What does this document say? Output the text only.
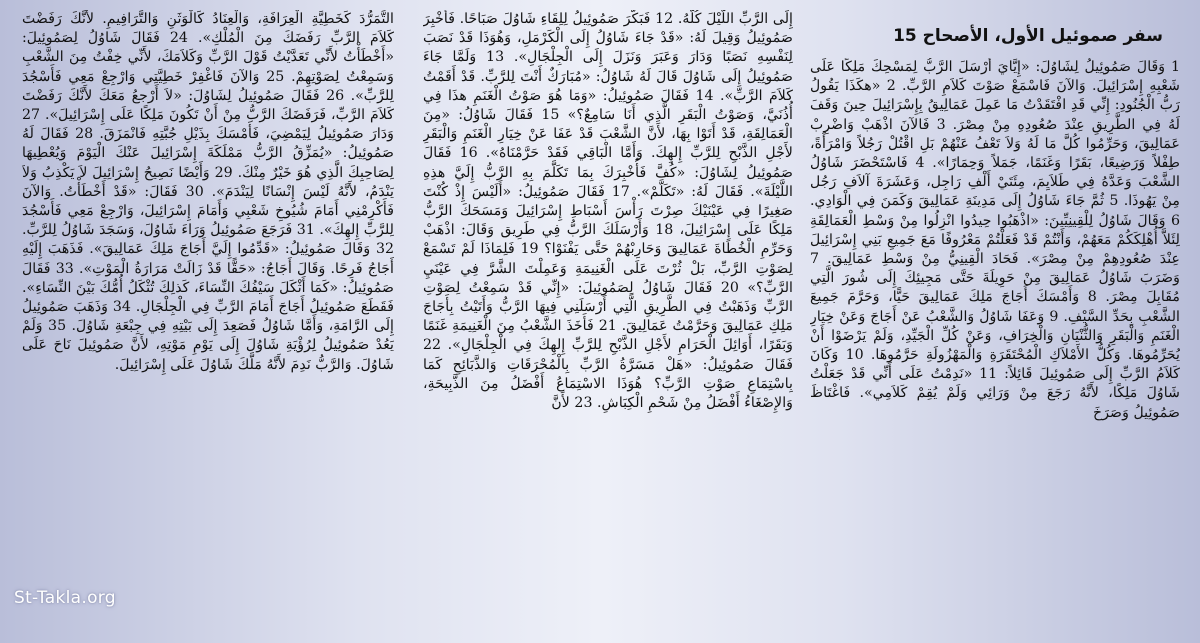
سفر صموئيل الأول، الأصحاح 15
1 وَقَالَ صَمُوئِيلُ لِشَاوُلَ: «إِيَّايَ أَرْسَلَ الرَّبُّ لِمَسْحِكَ مَلِكًا عَلَى شَعْبِهِ إِسْرَائِيلَ. وَالآنَ فَاسْمَعْ صَوْتَ كَلاَمِ الرَّبِّ. 2 «هكَذَا يَقُولُ رَبُّ الْجُنُودِ: إِنِّي قَدِ افْتَقَدْتُ مَا عَمِلَ عَمَالِيقُ بِإِسْرَائِيلَ حِينَ وَقَفَ لَهُ فِي الطَّرِيقِ عِنْدَ صُعُودِهِ مِنْ مِصْرَ. 3 فَالآنَ اذْهَبْ وَاضْرِبْ عَمَالِيقَ، وَحَرِّمُوا كُلَّ مَا لَهُ وَلاَ تَعْفُ عَنْهُمْ بَلِ اقْتُلْ رَجُلاً وَامْرَأَةً، طِفْلاً وَرَضِيعًا، بَقَرًا وَغَنَمًا، جَمَلاً وَحِمَارًا». 4 فَاسْتَحْضَرَ شَاوُلُ الشَّعْبَ وَعَدَّهُ فِي طَلاَيِمَ، مِئَتَيْ أَلْفِ رَاجِل، وَعَشَرَةَ آلاَفِ رَجُل مِنْ يَهُوذَا. 5 ثُمَّ جَاءَ شَاوُلُ إِلَى مَدِينَةِ عَمَالِيقَ وَكَمَنَ فِي الْوَادِي. 6 وَقَالَ شَاوُلُ لِلْقِينِيِّينَ: «اذْهَبُوا حِيدُوا انْزِلُوا مِنْ وَسْطِ الْعَمَالِقَةِ لِئَلاَّ أُهْلِكَكُمْ مَعَهُمْ، وَأَنْتُمْ قَدْ فَعَلْتُمْ مَعْرُوفًا مَعَ جَمِيعِ بَنِي إِسْرَائِيلَ عِنْدَ صُعُودِهِمْ مِنْ مِصْرَ». فَحَادَ الْقِينِيُّ مِنْ وَسْطِ عَمَالِيقَ. 7 وَضَرَبَ شَاوُلُ عَمَالِيقَ مِنْ حَوِيلَةَ حَتَّى مَجِيئِكَ إِلَى شُورَ الَّتِي مُقَابِلَ مِصْرَ. 8 وَأَمْسَكَ أَجَاجَ مَلِكَ عَمَالِيقَ حَيًّا، وَحَرَّمَ جَمِيعَ الشَّعْبِ بِحَدِّ السَّيْفِ. 9 وَعَفَا شَاوُلُ وَالشَّعْبُ عَنْ أَجَاجَ وَعَنْ خِيَارِ الْغَنَمِ وَالْبَقَرِ وَالثُّنْيَانِ وَالْخِرَافِ، وَعَنْ كُلِّ الْجَيِّدِ، وَلَمْ يَرْضَوْا أَنْ يُحَرِّمُوهَا. وَكُلُّ الأَمْلاَكِ الْمُحْتَقَرَةِ وَالْمَهْزُولَةِ حَرَّمُوهَا. 10 وَكَانَ كَلاَمُ الرَّبِّ إِلَى صَمُوئِيلَ قَائِلاً: 11 «نَدِمْتُ عَلَى أَنِّي قَدْ جَعَلْتُ شَاوُلَ مَلِكًا، لأَنَّهُ رَجَعَ مِنْ وَرَائِي وَلَمْ يُقِمْ كَلاَمِي». فَاغْتَاظَ صَمُوئِيلُ وَصَرَخَ
إِلَى الرَّبِّ اللَّيْلَ كُلَّهُ. 12 فَبَكَّرَ صَمُوئِيلُ لِلِقَاءِ شَاوُلَ صَبَاحًا. فَأُخْبِرَ صَمُوئِيلُ وَقِيلَ لَهُ: «قَدْ جَاءَ شَاوُلُ إِلَى الْكَرْمَلِ، وَهُوَذَا قَدْ نَصَبَ لِنَفْسِهِ نَصَبًا وَدَارَ وَعَبَرَ وَنَزَلَ إِلَى الْجِلْجَالِ». 13 وَلَمَّا جَاءَ صَمُوئِيلُ إِلَى شَاوُلَ قَالَ لَهُ شَاوُلُ: «مُبَارَكٌ أَنْتَ لِلرَّبِّ. قَدْ أَقَمْتُ كَلاَمَ الرَّبِّ». 14 فَقَالَ صَمُوئِيلُ: «وَمَا هُوَ صَوْتُ الْغَنَمِ هذَا فِي أُذُنَيَّ، وَصَوْتُ الْبَقَرِ الَّذِي أَنَا سَامِعٌ؟» 15 فَقَالَ شَاوُلُ: «مِنَ الْعَمَالِقَةِ، قَدْ أَتَوْا بِهَا، لأَنَّ الشَّعْبَ قَدْ عَفَا عَنْ خِيَارِ الْغَنَمِ وَالْبَقَرِ لأَجْلِ الذَّبْحِ لِلرَّبِّ إِلهِكَ. وَأَمَّا الْبَاقِي فَقَدْ حَرَّمْنَاهُ». 16 فَقَالَ صَمُوئِيلُ لِشَاوُلَ: «كُفَّ فَأُخْبِرَكَ بِمَا تَكَلَّمَ بِهِ الرَّبُّ إِلَيَّ هذِهِ اللَّيْلَةَ». فَقَالَ لَهُ: «تَكَلَّمْ». 17 فَقَالَ صَمُوئِيلُ: «أَلَيْسَ إِذْ كُنْتَ صَغِيرًا فِي عَيْنَيْكَ صِرْتَ رَأْسَ أَسْبَاطِ إِسْرَائِيلَ وَمَسَحَكَ الرَّبُّ مَلِكًا عَلَى إِسْرَائِيلَ، 18 وَأَرْسَلَكَ الرَّبُّ فِي طَرِيق وَقَالَ: اذْهَبْ وَحَرِّمِ الْخُطَاةَ عَمَالِيقَ وَحَارِبْهُمْ حَتَّى يَفْنَوْا؟ 19 فَلِمَاذَا لَمْ تَسْمَعْ لِصَوْتِ الرَّبِّ، بَلْ ثُرْتَ عَلَى الْغَنِيمَةِ وَعَمِلْتَ الشَّرَّ فِي عَيْنَيِ الرَّبِّ؟» 20 فَقَالَ شَاوُلُ لِصَمُوئِيلَ: «إِنِّي قَدْ سَمِعْتُ لِصَوْتِ الرَّبِّ وَذَهَبْتُ فِي الطَّرِيقِ الَّتِي أَرْسَلَنِي فِيهَا الرَّبُّ وَأَتَيْتُ بِأَجَاجَ مَلِكِ عَمَالِيقَ وَحَرَّمْتُ عَمَالِيقَ. 21 فَأَخَذَ الشَّعْبُ مِنَ الْغَنِيمَةِ غَنَمًا وَبَقَرًا، أَوَائِلَ الْحَرَامِ لأَجْلِ الذَّبْحِ لِلرَّبِّ إِلهِكَ فِي الْجِلْجَالِ». 22 فَقَالَ صَمُوئِيلُ: «هَلْ مَسَرَّةُ الرَّبِّ بِالْمُحْرَقَاتِ وَالذَّبَائِحِ كَمَا بِاسْتِمَاعِ صَوْتِ الرَّبِّ؟ هُوَذَا الاسْتِمَاعُ أَفْضَلُ مِنَ الذَّبِيحَةِ، وَالإِصْغَاءُ أَفْضَلُ مِنْ شَحْمِ الْكِبَاشِ. 23 لأَنَّ
التَّمَرُّدَ كَخَطِيَّةِ الْعِرَافَةِ، وَالْعِنَادُ كَالْوَثَنِ وَالتَّرَافِيمِ. لأَنَّكَ رَفَضْتَ كَلاَمَ الرَّبِّ رَفَضَكَ مِنَ الْمُلْكِ». 24 فَقَالَ شَاوُلُ لِصَمُوئِيلَ: «أَخْطَأْتُ لأَنِّي تَعَدَّيْتُ قَوْلَ الرَّبِّ وَكَلاَمَكَ، لأَنِّي خِفْتُ مِنَ الشَّعْبِ وَسَمِعْتُ لِصَوْتِهِمْ. 25 وَالآنَ فَاغْفِرْ خَطِيَّتِي وَارْجِعْ مَعِي فَأَسْجُدَ لِلرَّبِّ». 26 فَقَالَ صَمُوئِيلُ لِشَاوُلَ: «لاَ أَرْجعُ مَعَكَ لأَنَّكَ رَفَضْتَ كَلاَمَ الرَّبِّ، فَرَفَضَكَ الرَّبُّ مِنْ أَنْ تَكُونَ مَلِكًا عَلَى إِسْرَائِيلَ». 27 وَدَارَ صَمُوئِيلُ لِيَمْضِيَ، فَأَمْسَكَ بِذَيْلِ جُبَّتِهِ فَانْمَزَقَ. 28 فَقَالَ لَهُ صَمُوئِيلُ: «يُمَزِّقُ الرَّبُّ مَمْلَكَةَ إِسْرَائِيلَ عَنْكَ الْيَوْمَ وَيُعْطِيهَا لِصَاحِبِكَ الَّذِي هُوَ خَيْرٌ مِنْكَ. 29 وَأَيْضًا نَصِيحُ إِسْرَائِيلَ لاَ يَكْذِبُ وَلاَ يَنْدَمُ، لأَنَّهُ لَيْسَ إِنْسَانًا لِيَنْدَمَ». 30 فَقَالَ: «قَدْ أَخْطَأْتُ. وَالآنَ فَأَكْرِمْنِي أَمَامَ شُيُوخِ شَعْبِي وَأَمَامَ إِسْرَائِيلَ، وَارْجِعْ مَعِي فَأَسْجُدَ لِلرَّبِّ إِلهِكَ». 31 فَرَجَعَ صَمُوئِيلُ وَرَاءَ شَاوُلَ، وَسَجَدَ شَاوُلُ لِلرَّبِّ. 32 وَقَالَ صَمُوئِيلُ: «قَدِّمُوا إِلَيَّ أَجَاجَ مَلِكَ عَمَالِيقَ». فَذَهَبَ إِلَيْهِ أَجَاجُ فَرِحًا. وَقَالَ أَجَاجُ: «حَقًّا قَدْ زَالَتْ مَرَارَةُ الْمَوْتِ». 33 فَقَالَ صَمُوئِيلُ: «كَمَا أَثْكَلَ سَيْفُكَ النِّسَاءَ، كَذلِكَ تُثْكَلُ أُمُّكَ بَيْنَ النِّسَاءِ». فَقَطَعَ صَمُوئِيلُ أَجَاجَ أَمَامَ الرَّبِّ فِي الْجِلْجَالِ. 34 وَذَهَبَ صَمُوئِيلُ إِلَى الرَّامَةِ، وَأَمَّا شَاوُلُ فَصَعِدَ إِلَى بَيْتِهِ فِي جِبْعَةِ شَاوُلَ. 35 وَلَمْ يَعُدْ صَمُوئِيلُ لِرُؤْيَةِ شَاوُلَ إِلَى يَوْمِ مَوْتِهِ، لأَنَّ صَمُوئِيلَ نَاحَ عَلَى شَاوُلَ. وَالرَّبُّ نَدِمَ لأَنَّهُ مَلَّكَ شَاوُلَ عَلَى إِسْرَائِيلَ.
St-Takla.org
